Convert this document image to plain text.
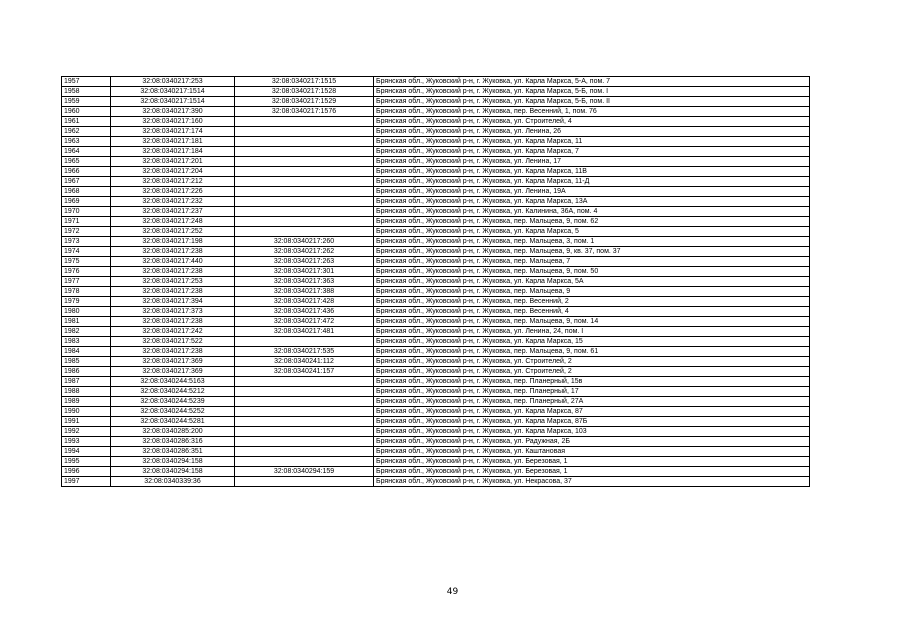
1957	32:08:0340217:253	32:08:0340217:1515	Брянская обл., Жуковский р-н, г. Жуковка, ул. Карла Маркса, 5-А, пом. 7
1958	32:08:0340217:1514	32:08:0340217:1528	Брянская обл., Жуковский р-н, г. Жуковка, ул. Карла Маркса, 5-Б, пом. I
1959	32:08:0340217:1514	32:08:0340217:1529	Брянская обл., Жуковский р-н, г. Жуковка, ул. Карла Маркса, 5-Б, пом. II
1960	32:08:0340217:390	32:08:0340217:1576	Брянская обл., Жуковский р-н, г. Жуковка, пер. Весенний, 1, пом. 76
1961	32:08:0340217:160		Брянская обл., Жуковский р-н, г. Жуковка, ул. Строителей, 4
1962	32:08:0340217:174		Брянская обл., Жуковский р-н, г. Жуковка, ул. Ленина, 26
1963	32:08:0340217:181		Брянская обл., Жуковский р-н, г. Жуковка, ул. Карла Маркса, 11
1964	32:08:0340217:184		Брянская обл., Жуковский р-н, г. Жуковка, ул. Карла Маркса, 7
1965	32:08:0340217:201		Брянская обл., Жуковский р-н, г. Жуковка, ул. Ленина, 17
1966	32:08:0340217:204		Брянская обл., Жуковский р-н, г. Жуковка, ул. Карла Маркса, 11В
1967	32:08:0340217:212		Брянская обл., Жуковский р-н, г. Жуковка, ул. Карла Маркса, 11-Д
1968	32:08:0340217:226		Брянская обл., Жуковский р-н, г. Жуковка, ул. Ленина, 19А
1969	32:08:0340217:232		Брянская обл., Жуковский р-н, г. Жуковка, ул. Карла Маркса, 13А
1970	32:08:0340217:237		Брянская обл., Жуковский р-н, г. Жуковка, ул. Калинина, 36А, пом. 4
1971	32:08:0340217:248		Брянская обл., Жуковский р-н, г. Жуковка, пер. Мальцева, 9, пом. 62
1972	32:08:0340217:252		Брянская обл., Жуковский р-н, г. Жуковка, ул. Карла Маркса, 5
1973	32:08:0340217:198	32:08:0340217:260	Брянская обл., Жуковский р-н, г. Жуковка, пер. Мальцева, 3, пом. 1
1974	32:08:0340217:238	32:08:0340217:262	Брянская обл., Жуковский р-н, г. Жуковка, пер. Мальцева, 9, кв. 37, пом. 37
1975	32:08:0340217:440	32:08:0340217:263	Брянская обл., Жуковский р-н, г. Жуковка, пер. Мальцева, 7
1976	32:08:0340217:238	32:08:0340217:301	Брянская обл., Жуковский р-н, г. Жуковка, пер. Мальцева, 9, пом. 50
1977	32:08:0340217:253	32:08:0340217:363	Брянская обл., Жуковский р-н, г. Жуковка, ул. Карла Маркса, 5А
1978	32:08:0340217:238	32:08:0340217:388	Брянская обл., Жуковский р-н, г. Жуковка, пер. Мальцева, 9
1979	32:08:0340217:394	32:08:0340217:428	Брянская обл., Жуковский р-н, г. Жуковка, пер. Весенний, 2
1980	32:08:0340217:373	32:08:0340217:436	Брянская обл., Жуковский р-н, г. Жуковка, пер. Весенний, 4
1981	32:08:0340217:238	32:08:0340217:472	Брянская обл., Жуковский р-н, г. Жуковка, пер. Мальцева, 9, пом. 14
1982	32:08:0340217:242	32:08:0340217:481	Брянская обл., Жуковский р-н, г. Жуковка, ул. Ленина, 24, пом. I
1983	32:08:0340217:522		Брянская обл., Жуковский р-н, г. Жуковка, ул. Карла Маркса, 15
1984	32:08:0340217:238	32:08:0340217:535	Брянская обл., Жуковский р-н, г. Жуковка, пер. Мальцева, 9, пом. 61
1985	32:08:0340217:369	32:08:0340241:112	Брянская обл., Жуковский р-н, г. Жуковка, ул. Строителей, 2
1986	32:08:0340217:369	32:08:0340241:157	Брянская обл., Жуковский р-н, г. Жуковка, ул. Строителей, 2
1987	32:08:0340244:5163		Брянская обл., Жуковский р-н, г. Жуковка, пер. Планерный, 15в
1988	32:08:0340244:5212		Брянская обл., Жуковский р-н, г. Жуковка, пер. Планерный, 17
1989	32:08:0340244:5239		Брянская обл., Жуковский р-н, г. Жуковка, пер. Планерный, 27А
1990	32:08:0340244:5252		Брянская обл., Жуковский р-н, г. Жуковка, ул. Карла Маркса, 87
1991	32:08:0340244:5281		Брянская обл., Жуковский р-н, г. Жуковка, ул. Карла Маркса, 87Б
1992	32:08:0340285:200		Брянская обл., Жуковский р-н, г. Жуковка, ул. Карла Маркса, 103
1993	32:08:0340286:316		Брянская обл., Жуковский р-н, г. Жуковка, ул. Радужная, 2Б
1994	32:08:0340286:351		Брянская обл., Жуковский р-н, г. Жуковка, ул. Каштановая
1995	32:08:0340294:158		Брянская обл., Жуковский р-н, г. Жуковка, ул. Березовая, 1
1996	32:08:0340294:158	32:08:0340294:159	Брянская обл., Жуковский р-н, г. Жуковка, ул. Березовая, 1
1997	32:08:0340339:36		Брянская обл., Жуковский р-н, г. Жуковка, ул. Некрасова, 37
49
